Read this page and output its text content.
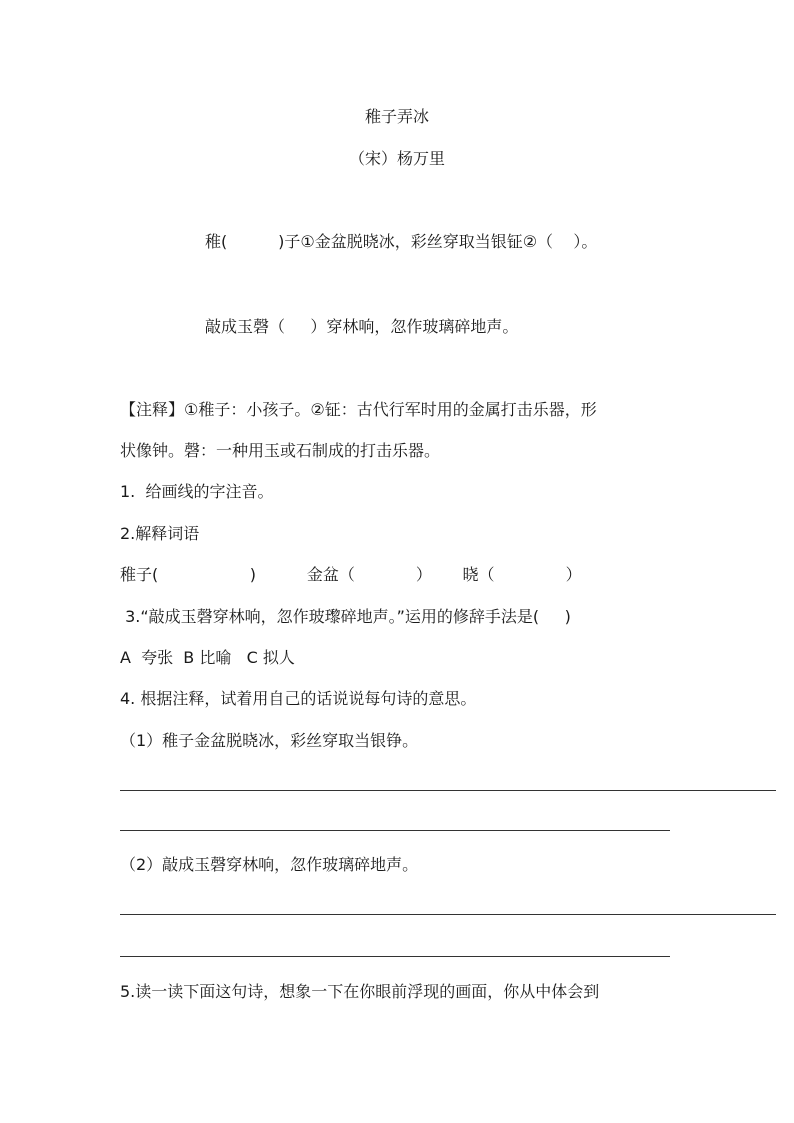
稚子弄冰
（宋）杨万里
稚(          )子①金盆脱晓冰，彩丝穿取当银钲②（    ）。
敲成玉磬（     ）穿林响，忽作玻璃碎地声。
【注释】①稚子：小孩子。②钲：古代行军时用的金属打击乐器，形
状像钟。磬：一种用玉或石制成的打击乐器。
1.  给画线的字注音。
2.解释词语
稚子(                  )          金盆（            ）      晓（              ）
3.“敲成玉磬穿林响，忽作玻瓈碎地声。”运用的修辞手法是(     )
A  夸张  B 比喻   C 拟人
4. 根据注释，试着用自己的话说说每句诗的意思。
（1）稚子金盆脱晓冰，彩丝穿取当银铮。
（2）敲成玉磬穿林响，忽作玻璃碎地声。
5.读一读下面这句诗，想象一下在你眼前浮现的画面，你从中体会到
